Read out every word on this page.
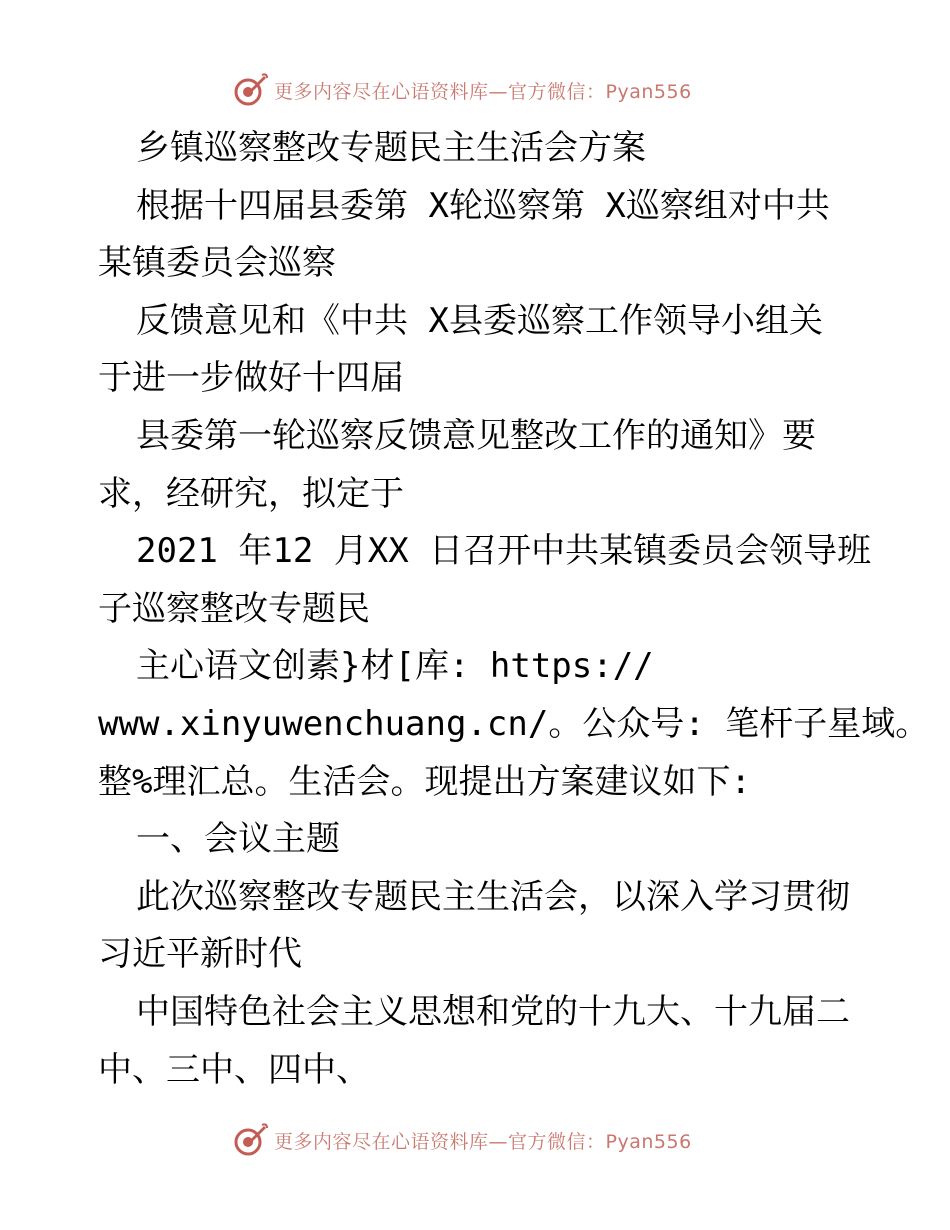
更多内容尽在心语资料库—官方微信：Pyan556
乡镇巡察整改专题民主生活会方案
根据十四届县委第 X轮巡察第 X巡察组对中共
某镇委员会巡察
反馈意见和《中共 X县委巡察工作领导小组关
于进一步做好十四届
县委第一轮巡察反馈意见整改工作的通知》要
求，经研究，拟定于
2021 年12 月XX 日召开中共某镇委员会领导班
子巡察整改专题民
主心语文创素}材[库: https://
www.xinyuwenchuang.cn/。公众号: 笔杆子星域。
整%理汇总。生活会。现提出方案建议如下:
一、会议主题
此次巡察整改专题民主生活会，以深入学习贯彻
习近平新时代
中国特色社会主义思想和党的十九大、十九届二
中、三中、四中、
更多内容尽在心语资料库—官方微信：Pyan556
